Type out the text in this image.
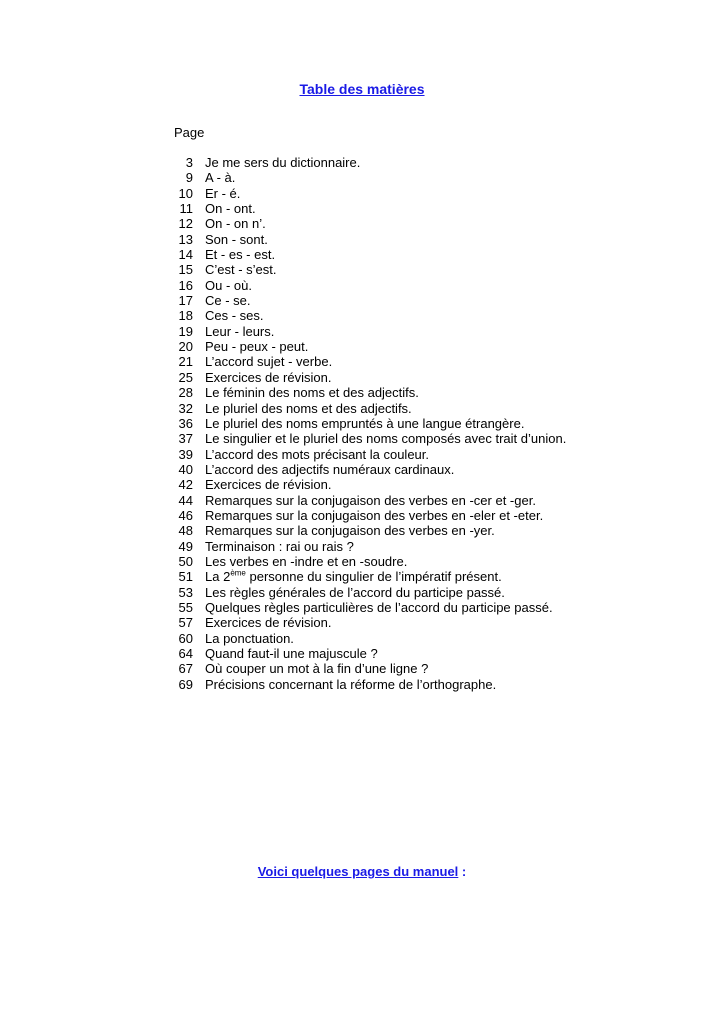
Table des matières
Page
3 Je me sers du dictionnaire.
9 A - à.
10 Er - é.
11 On - ont.
12 On - on n’.
13 Son - sont.
14 Et - es - est.
15 C’est - s’est.
16 Ou - où.
17 Ce - se.
18 Ces - ses.
19 Leur - leurs.
20 Peu - peux - peut.
21 L’accord sujet - verbe.
25 Exercices de révision.
28 Le féminin des noms et des adjectifs.
32 Le pluriel des noms et des adjectifs.
36 Le pluriel des noms empruntés à une langue étrangère.
37 Le singulier et le pluriel des noms composés avec trait d’union.
39 L’accord des mots précisant la couleur.
40 L’accord des adjectifs numéraux cardinaux.
42 Exercices de révision.
44 Remarques sur la conjugaison des verbes en -cer et -ger.
46 Remarques sur la conjugaison des verbes en -eler et -eter.
48 Remarques sur la conjugaison des verbes en -yer.
49 Terminaison : rai ou rais ?
50 Les verbes en -indre et en -soudre.
51 La 2ème personne du singulier de l’impératif présent.
53 Les règles générales de l’accord du participe passé.
55 Quelques règles particulières de l’accord du participe passé.
57 Exercices de révision.
60 La ponctuation.
64 Quand faut-il une majuscule ?
67 Où couper un mot à la fin d’une ligne ?
69 Précisions concernant la réforme de l’orthographe.
Voici quelques pages du manuel :
